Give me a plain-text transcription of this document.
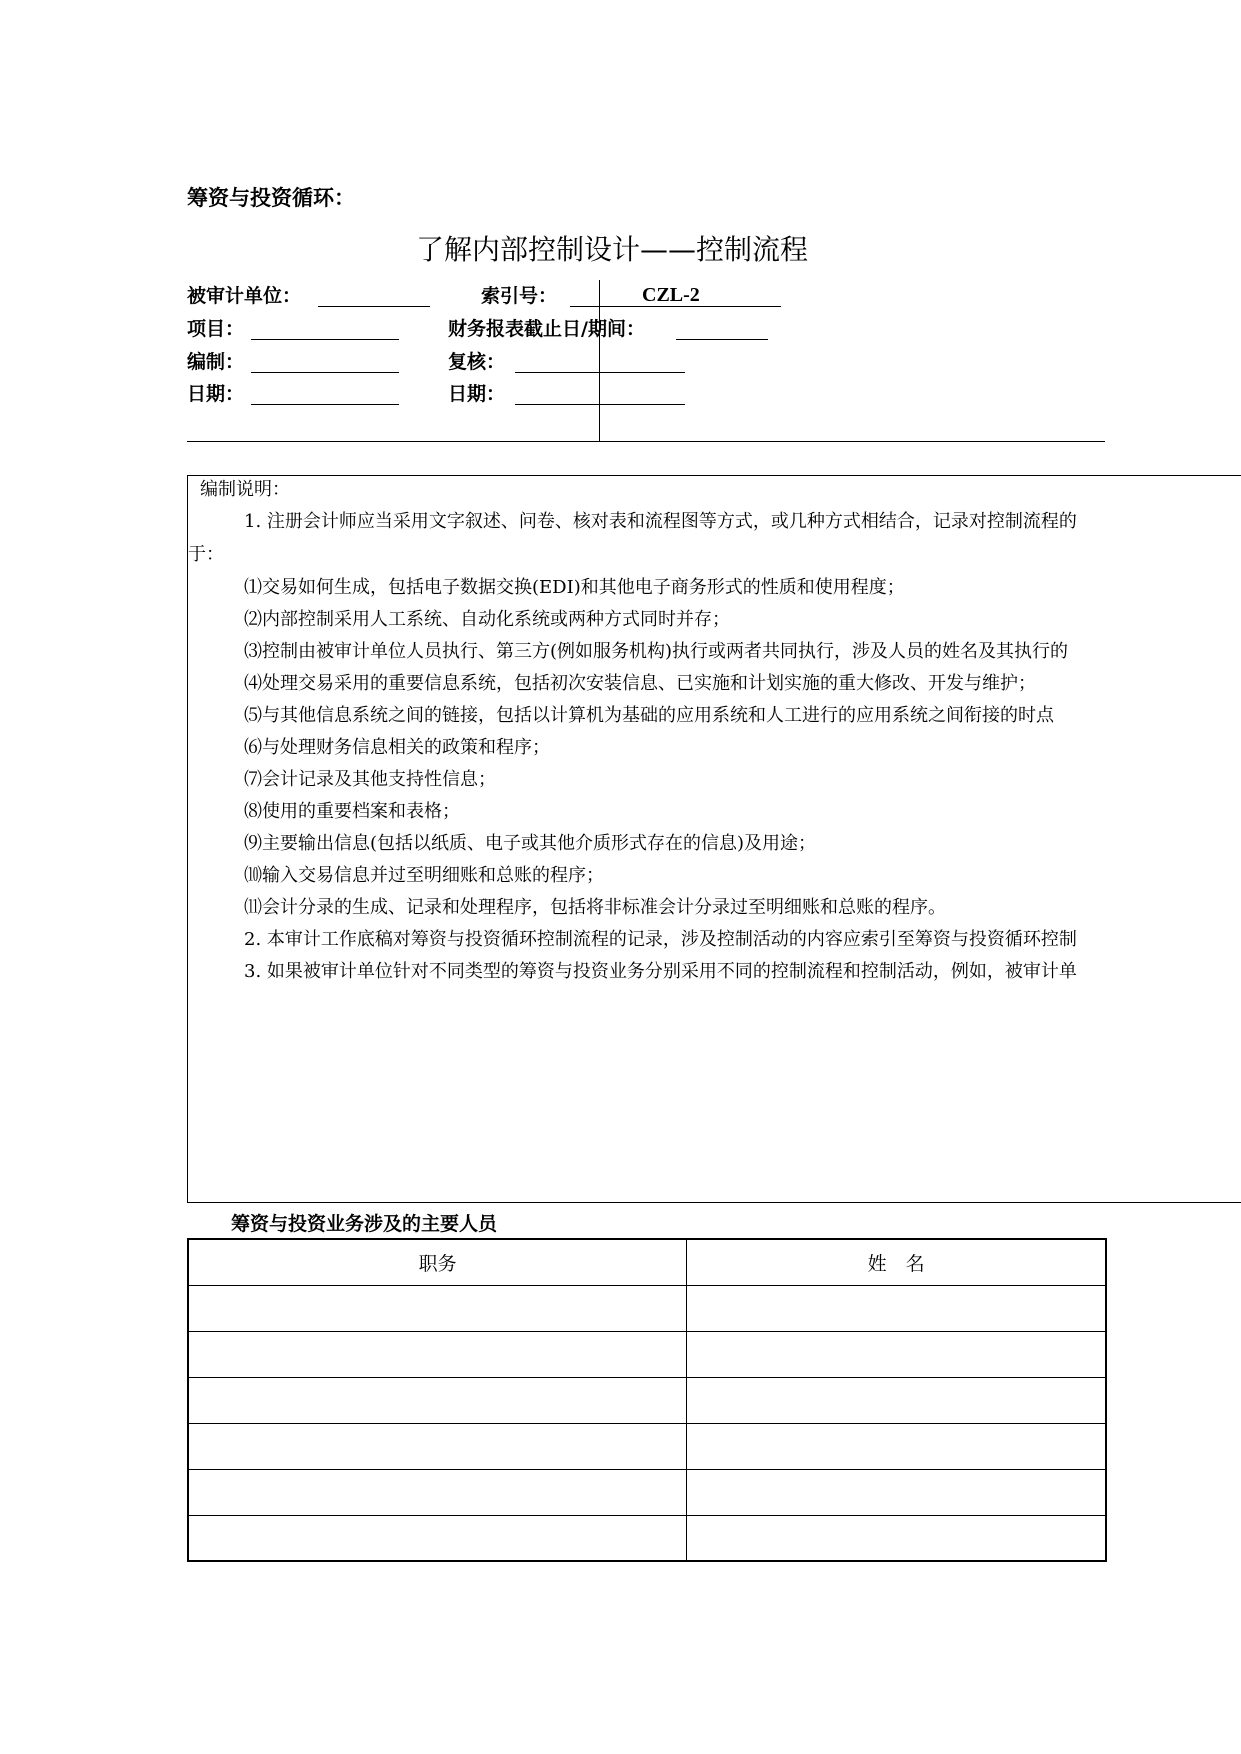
筹资与投资循环：
了解内部控制设计——控制流程
被审计单位：	索引号：	CZL-2
项目：	财务报表截止日/期间：
编制：	复核：
日期：	日期：
编制说明：
1. 注册会计师应当采用文字叙述、问卷、核对表和流程图等方式，或几种方式相结合，记录对控制流程的
于：
⑴交易如何生成，包括电子数据交换(EDI)和其他电子商务形式的性质和使用程度；
⑵内部控制采用人工系统、自动化系统或两种方式同时并存；
⑶控制由被审计单位人员执行、第三方(例如服务机构)执行或两者共同执行，涉及人员的姓名及其执行的
⑷处理交易采用的重要信息系统，包括初次安装信息、已实施和计划实施的重大修改、开发与维护；
⑸与其他信息系统之间的链接，包括以计算机为基础的应用系统和人工进行的应用系统之间衔接的时点
⑹与处理财务信息相关的政策和程序；
⑺会计记录及其他支持性信息；
⑻使用的重要档案和表格；
⑼主要输出信息(包括以纸质、电子或其他介质形式存在的信息)及用途；
⑽输入交易信息并过至明细账和总账的程序；
⑾会计分录的生成、记录和处理程序，包括将非标准会计分录过至明细账和总账的程序。
2. 本审计工作底稿对筹资与投资循环控制流程的记录，涉及控制活动的内容应索引至筹资与投资循环控制
3. 如果被审计单位针对不同类型的筹资与投资业务分别采用不同的控制流程和控制活动，例如，被审计单
筹资与投资业务涉及的主要人员
职务	姓　名
